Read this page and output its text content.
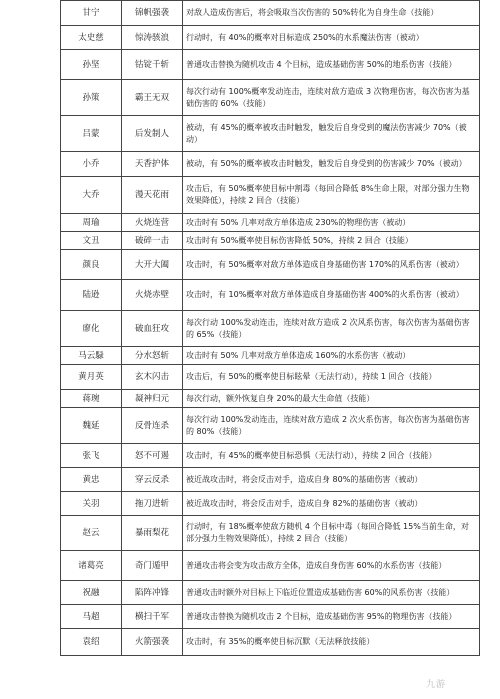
甘宁	锦帆强袭	对敌人造成伤害后，将会吸取当次伤害的 50%转化为自身生命（技能）
太史慈	惊涛骇浪	行动时，有 40%的概率对目标造成 250%的水系魔法伤害（被动）
孙坚	钴锭千斩	普通攻击替换为随机攻击 4 个目标，造成基础伤害 50%的地系伤害（技能）
孙策	霸王无双	每次行动有 100%概率发动连击，连续对敌方造成 3 次物理伤害，每次伤害为基础伤害的 60%（技能）
吕蒙	后发制人	被动，有 45%的概率被攻击时触发，触发后自身受到的魔法伤害减少 70%（被动）
小乔	天香护体	被动，有 50%的概率被攻击时触发，触发后自身受到的伤害减少 70%（被动）
大乔	漫天花雨	攻击后，有 50%概率使目标中割毒（每回合降低 8%生命上限，对部分强力生物效果降低），持续 2 回合（技能）
周瑜	火烧连营	攻击时有 50% 几率对敌方单体造成 230%的物理伤害（被动）
文丑	破碎一击	攻击时有 50%概率使目标伤害降低 50%，持续 2 回合（技能）
颜良	大开大阖	攻击时，有 50%概率对敌方单体造成自身基础伤害 170%的风系伤害（被动）
陆逊	火烧赤壁	攻击时，有 10%概率对敌方单体造成自身基础伤害 400%的火系伤害（被动）
廖化	破血狂攻	每次行动 100%发动连击，连续对敌方造成 2 次风系伤害，每次伤害为基础伤害的 65%（技能）
马云騄	分水怒斩	攻击时有 50% 几率对敌方单体造成 160%的水系伤害（被动）
黄月英	玄木闪击	攻击后，有 50%的概率使目标眩晕（无法行动），持续 1 回合（技能）
蒋琬	凝神归元	每次行动，额外恢复自身 20%的最大生命值（技能）
魏延	反骨连杀	每次行动 100%发动连击，连续对敌方造成 2 次火系伤害，每次伤害为基础伤害的 80%（技能）
张飞	怒不可遏	攻击时，有 45%的概率使目标恐惧（无法行动），持续 2 回合（技能）
黄忠	穿云反杀	被近战攻击时，将会反击对手，造成自身 80%的基础伤害（被动）
关羽	拖刀进斩	被近战攻击时，将会反击对手，造成自身 82%的基础伤害（被动）
赵云	暴雨梨花	行动时，有 18%概率使敌方随机 4 个目标中毒（每回合降低 15%当前生命，对部分强力生物效果降低），持续 2 回合（技能）
诸葛亮	奇门遁甲	普通攻击将会变为攻击敌方全体，造成自身伤害 60%的水系伤害（技能）
祝融	陷阵冲锋	普通攻击时额外对目标上下临近位置造成基础伤害 60%的风系伤害（技能）
马超	横扫千军	普通攻击替换为随机攻击 2 个目标，造成基础伤害 95%的物理伤害（技能）
袁绍	火箭强袭	攻击时，有 35%的概率使目标沉默（无法释放技能）
九游
